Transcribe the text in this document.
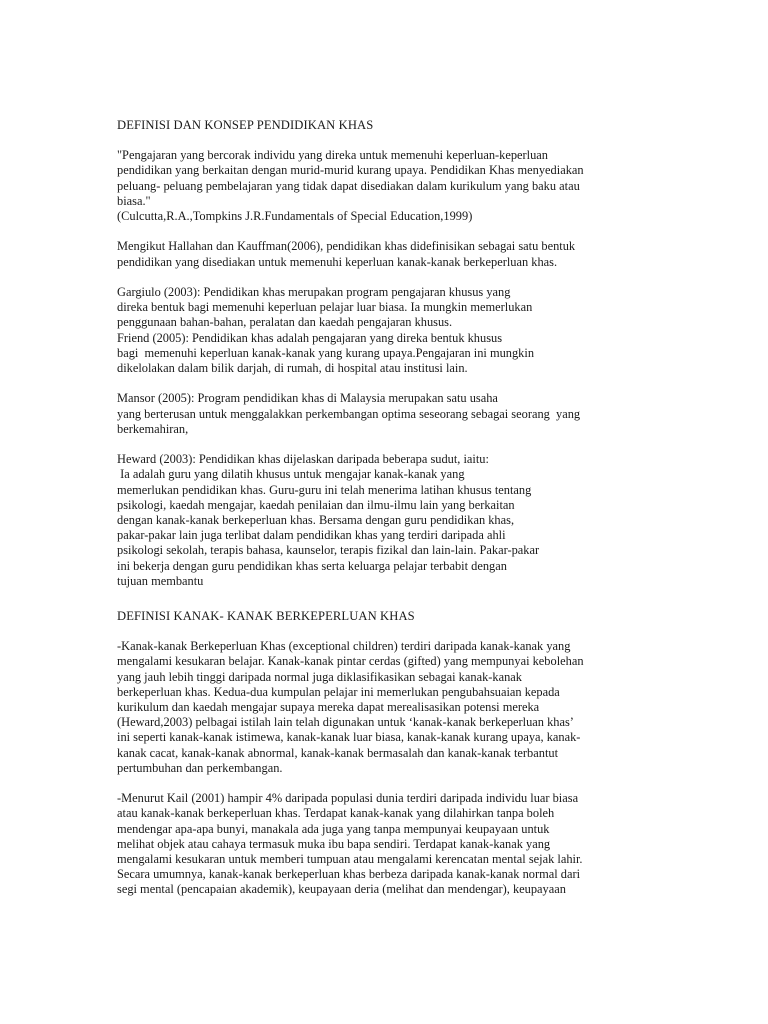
DEFINISI DAN KONSEP PENDIDIKAN KHAS
"Pengajaran yang bercorak individu yang direka untuk memenuhi keperluan-keperluan
pendidikan yang berkaitan dengan murid-murid kurang upaya. Pendidikan Khas menyediakan
peluang- peluang pembelajaran yang tidak dapat disediakan dalam kurikulum yang baku atau
biasa."
(Culcutta,R.A.,Tompkins J.R.Fundamentals of Special Education,1999)
Mengikut Hallahan dan Kauffman(2006), pendidikan khas didefinisikan sebagai satu bentuk
pendidikan yang disediakan untuk memenuhi keperluan kanak-kanak berkeperluan khas.
Gargiulo (2003): Pendidikan khas merupakan program pengajaran khusus yang
direka bentuk bagi memenuhi keperluan pelajar luar biasa. Ia mungkin memerlukan
penggunaan bahan-bahan, peralatan dan kaedah pengajaran khusus.
Friend (2005): Pendidikan khas adalah pengajaran yang direka bentuk khusus
bagi  memenuhi keperluan kanak-kanak yang kurang upaya.Pengajaran ini mungkin
dikelolakan dalam bilik darjah, di rumah, di hospital atau institusi lain.
Mansor (2005): Program pendidikan khas di Malaysia merupakan satu usaha
yang berterusan untuk menggalakkan perkembangan optima seseorang sebagai seorang  yang
berkemahiran,
Heward (2003): Pendidikan khas dijelaskan daripada beberapa sudut, iaitu:
Ia adalah guru yang dilatih khusus untuk mengajar kanak-kanak yang
memerlukan pendidikan khas. Guru-guru ini telah menerima latihan khusus tentang
psikologi, kaedah mengajar, kaedah penilaian dan ilmu-ilmu lain yang berkaitan
dengan kanak-kanak berkeperluan khas. Bersama dengan guru pendidikan khas,
pakar-pakar lain juga terlibat dalam pendidikan khas yang terdiri daripada ahli
psikologi sekolah, terapis bahasa, kaunselor, terapis fizikal dan lain-lain. Pakar-pakar
ini bekerja dengan guru pendidikan khas serta keluarga pelajar terbabit dengan
tujuan membantu
DEFINISI KANAK- KANAK BERKEPERLUAN KHAS
-Kanak-kanak Berkeperluan Khas (exceptional children) terdiri daripada kanak-kanak yang
mengalami kesukaran belajar. Kanak-kanak pintar cerdas (gifted) yang mempunyai kebolehan
yang jauh lebih tinggi daripada normal juga diklasifikasikan sebagai kanak-kanak
berkeperluan khas. Kedua-dua kumpulan pelajar ini memerlukan pengubahsuaian kepada
kurikulum dan kaedah mengajar supaya mereka dapat merealisasikan potensi mereka
(Heward,2003) pelbagai istilah lain telah digunakan untuk ‘kanak-kanak berkeperluan khas’
ini seperti kanak-kanak istimewa, kanak-kanak luar biasa, kanak-kanak kurang upaya, kanak-
kanak cacat, kanak-kanak abnormal, kanak-kanak bermasalah dan kanak-kanak terbantut
pertumbuhan dan perkembangan.
-Menurut Kail (2001) hampir 4% daripada populasi dunia terdiri daripada individu luar biasa
atau kanak-kanak berkeperluan khas. Terdapat kanak-kanak yang dilahirkan tanpa boleh
mendengar apa-apa bunyi, manakala ada juga yang tanpa mempunyai keupayaan untuk
melihat objek atau cahaya termasuk muka ibu bapa sendiri. Terdapat kanak-kanak yang
mengalami kesukaran untuk memberi tumpuan atau mengalami kerencatan mental sejak lahir.
Secara umumnya, kanak-kanak berkeperluan khas berbeza daripada kanak-kanak normal dari
segi mental (pencapaian akademik), keupayaan deria (melihat dan mendengar), keupayaan
